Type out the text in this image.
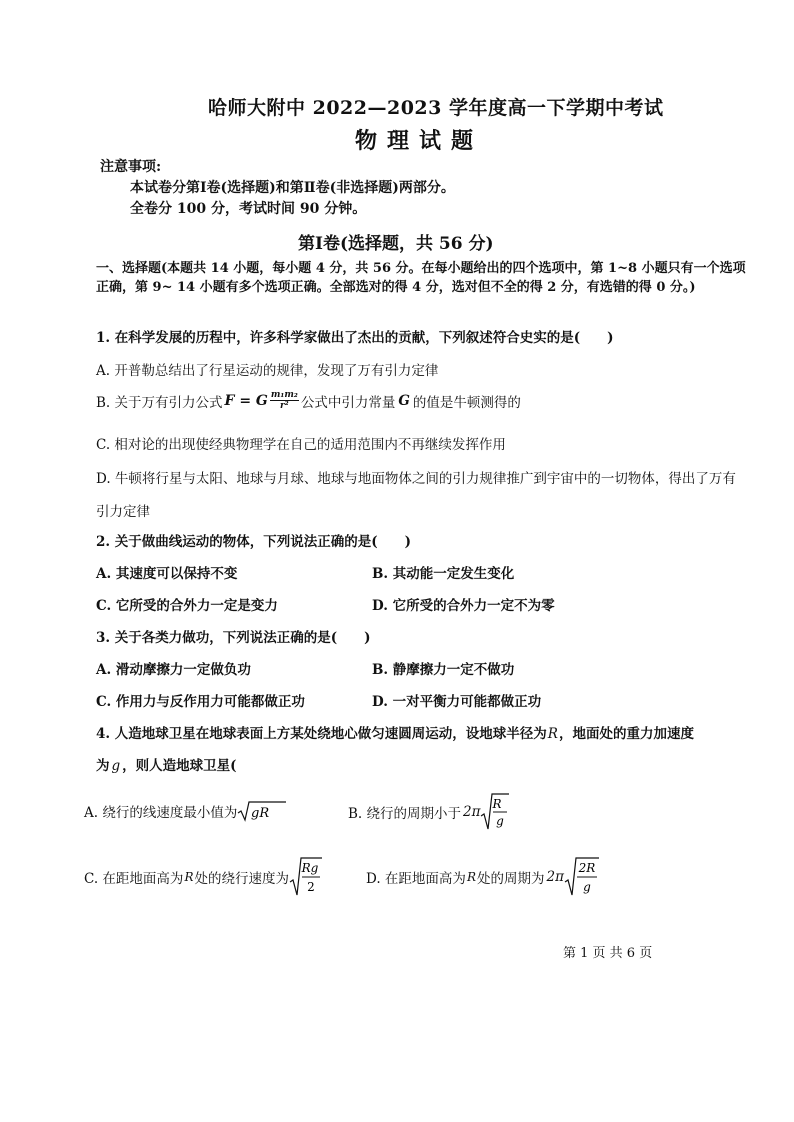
哈师大附中 2022—2023 学年度高一下学期中考试
物理试题
注意事项:
本试卷分第Ⅰ卷(选择题)和第Ⅱ卷(非选择题)两部分。
全卷分 100 分，考试时间 90 分钟。
第Ⅰ卷(选择题，共 56 分)
一、选择题(本题共 14 小题，每小题 4 分，共 56 分。在每小题给出的四个选项中，第 1~8 小题只有一个选项正确，第 9~ 14 小题有多个选项正确。全部选对的得 4 分，选对但不全的得 2 分，有选错的得 0 分。)
1. 在科学发展的历程中，许多科学家做出了杰出的贡献，下列叙述符合史实的是(　　)
A. 开普勒总结出了行星运动的规律，发现了万有引力定律
B. 关于万有引力公式 F = G $\frac{\text{m₁m₂}}{\text{r²}}$ 公式中引力常量 G 的值是牛顿测得的
C. 相对论的出现使经典物理学在自己的适用范围内不再继续发挥作用
D. 牛顿将行星与太阳、地球与月球、地球与地面物体之间的引力规律推广到宇宙中的一切物体，得出了万有引力定律
2. 关于做曲线运动的物体，下列说法正确的是(　　)
A. 其速度可以保持不变	B. 其动能一定发生变化
C. 它所受的合外力一定是变力	D. 它所受的合外力一定不为零
3. 关于各类力做功，下列说法正确的是(　　)
A. 滑动摩擦力一定做负功	B. 静摩擦力一定不做功
C. 作用力与反作用力可能都做正功	D. 一对平衡力可能都做正功
4. 人造地球卫星在地球表面上方某处绕地心做匀速圆周运动，设地球半径为R，地面处的重力加速度
为 g ，则人造地球卫星(
A. 绕行的线速度最小值为 gR	B. 绕行的周期小于 2π R
g
C. 在距地面高为 R 处的绕行速度为
Rg
2	D. 在距地面高为 R 处的周期为 2π
2R
g
第 1 页 共 6 页
